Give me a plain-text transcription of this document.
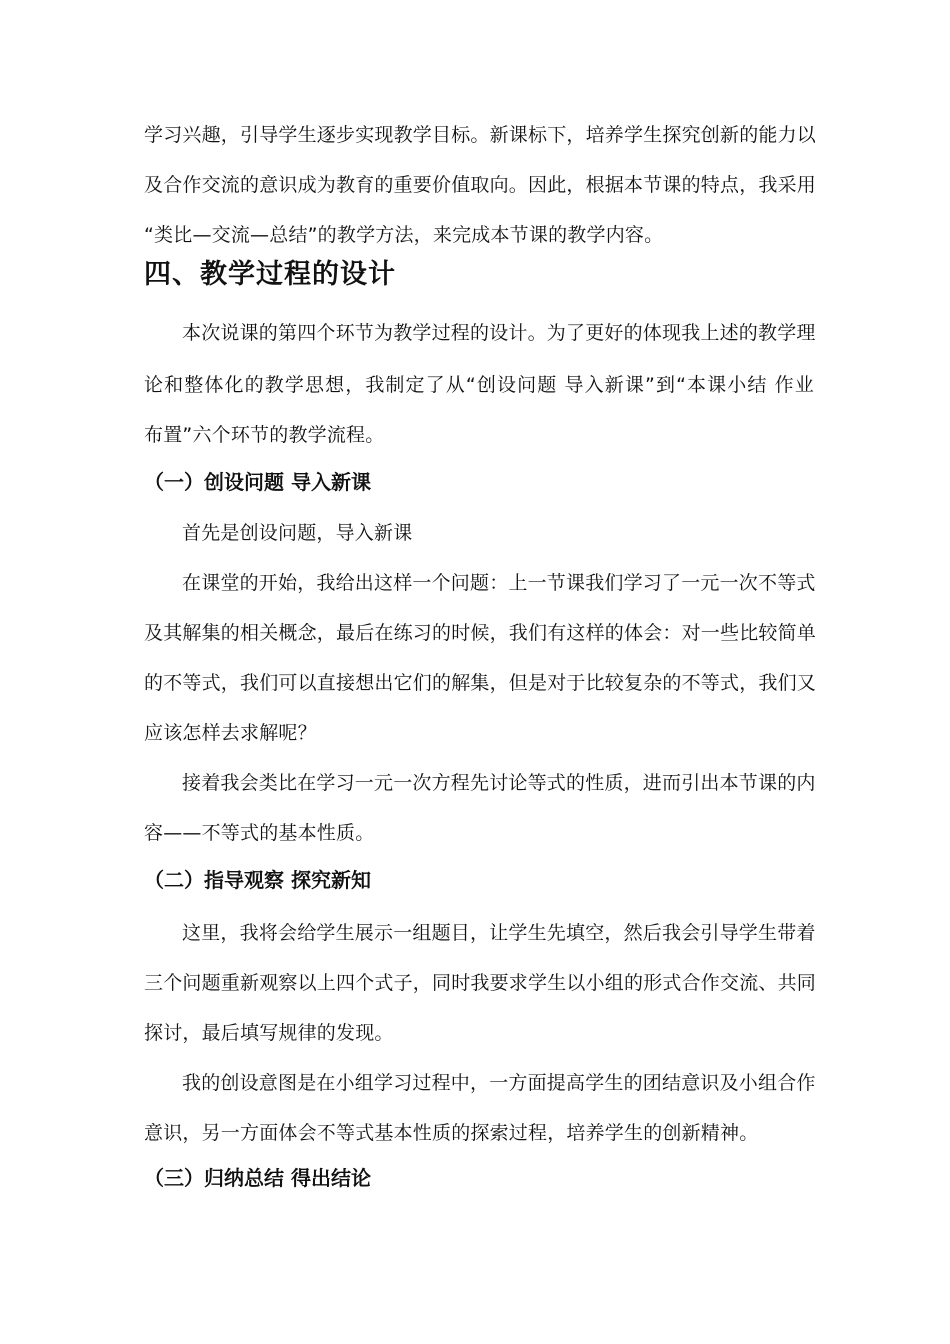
学习兴趣，引导学生逐步实现教学目标。新课标下，培养学生探究创新的能力以
及合作交流的意识成为教育的重要价值取向。因此，根据本节课的特点，我采用
“类比—交流—总结”的教学方法，来完成本节课的教学内容。
四、教学过程的设计
本次说课的第四个环节为教学过程的设计。为了更好的体现我上述的教学理
论和整体化的教学思想，我制定了从“创设问题 导入新课”到“本课小结 作业
布置”六个环节的教学流程。
（一）创设问题 导入新课
首先是创设问题，导入新课
在课堂的开始，我给出这样一个问题：上一节课我们学习了一元一次不等式
及其解集的相关概念，最后在练习的时候，我们有这样的体会：对一些比较简单
的不等式，我们可以直接想出它们的解集，但是对于比较复杂的不等式，我们又
应该怎样去求解呢？
接着我会类比在学习一元一次方程先讨论等式的性质，进而引出本节课的内
容——不等式的基本性质。
（二）指导观察 探究新知
这里，我将会给学生展示一组题目，让学生先填空，然后我会引导学生带着
三个问题重新观察以上四个式子，同时我要求学生以小组的形式合作交流、共同
探讨，最后填写规律的发现。
我的创设意图是在小组学习过程中，一方面提高学生的团结意识及小组合作
意识，另一方面体会不等式基本性质的探索过程，培养学生的创新精神。
（三）归纳总结 得出结论
